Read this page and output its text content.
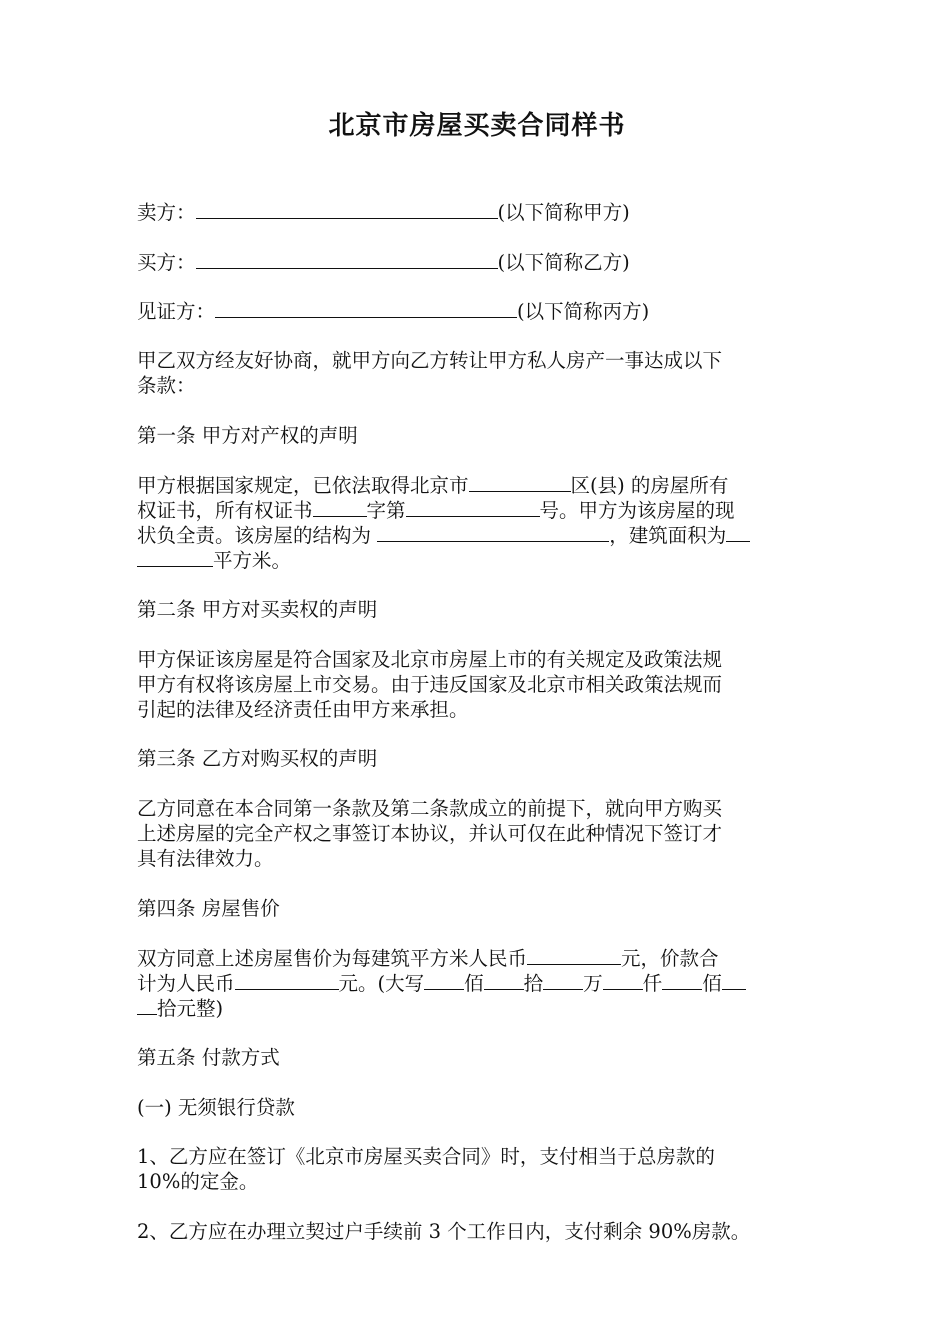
北京市房屋买卖合同样书
卖方：	(以下简称甲方)
买方：	(以下简称乙方)
见证方：	(以下简称丙方)
甲乙双方经友好协商，就甲方向乙方转让甲方私人房产一事达成以下
条款：
第一条 甲方对产权的声明
甲方根据国家规定，已依法取得北京市	区(县) 的房屋所有
权证书，所有权证书	字第	号。甲方为该房屋的现
状负全责。该房屋的结构为	，建筑面积为
平方米。
第二条 甲方对买卖权的声明
甲方保证该房屋是符合国家及北京市房屋上市的有关规定及政策法规
甲方有权将该房屋上市交易。由于违反国家及北京市相关政策法规而
引起的法律及经济责任由甲方来承担。
第三条 乙方对购买权的声明
乙方同意在本合同第一条款及第二条款成立的前提下，就向甲方购买
上述房屋的完全产权之事签订本协议，并认可仅在此种情况下签订才
具有法律效力。
第四条 房屋售价
双方同意上述房屋售价为每建筑平方米人民币	元，价款合
计为人民币	元。(大写 佰 拾 万 仟 佰
拾元整)
第五条 付款方式
(一) 无须银行贷款
1、乙方应在签订《北京市房屋买卖合同》时，支付相当于总房款的
10%的定金。
2、乙方应在办理立契过户手续前 3 个工作日内，支付剩余 90%房款。
